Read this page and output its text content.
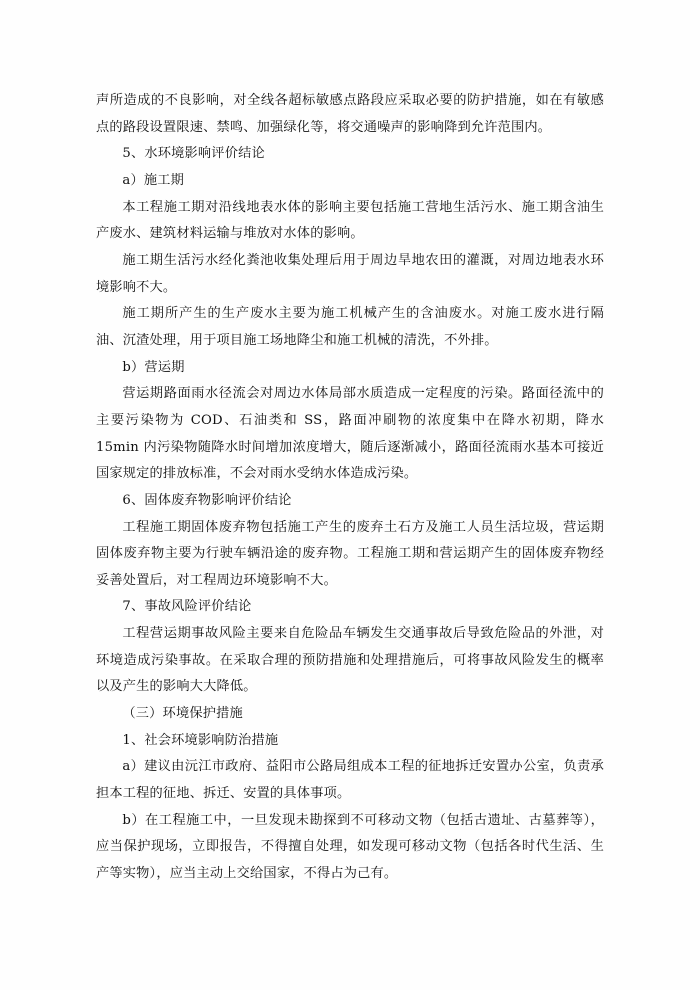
声所造成的不良影响，对全线各超标敏感点路段应采取必要的防护措施，如在有敏感点的路段设置限速、禁鸣、加强绿化等，将交通噪声的影响降到允许范围内。

5、水环境影响评价结论

a）施工期

本工程施工期对沿线地表水体的影响主要包括施工营地生活污水、施工期含油生产废水、建筑材料运输与堆放对水体的影响。

施工期生活污水经化粪池收集处理后用于周边旱地农田的灌溉，对周边地表水环境影响不大。

施工期所产生的生产废水主要为施工机械产生的含油废水。对施工废水进行隔油、沉渣处理，用于项目施工场地降尘和施工机械的清洗，不外排。

b）营运期

营运期路面雨水径流会对周边水体局部水质造成一定程度的污染。路面径流中的主要污染物为 COD、石油类和 SS，路面冲刷物的浓度集中在降水初期，降水 15min 内污染物随降水时间增加浓度增大，随后逐渐减小，路面径流雨水基本可接近国家规定的排放标准，不会对雨水受纳水体造成污染。

6、固体废弃物影响评价结论

工程施工期固体废弃物包括施工产生的废弃土石方及施工人员生活垃圾，营运期固体废弃物主要为行驶车辆沿途的废弃物。工程施工期和营运期产生的固体废弃物经妥善处置后，对工程周边环境影响不大。

7、事故风险评价结论

工程营运期事故风险主要来自危险品车辆发生交通事故后导致危险品的外泄，对环境造成污染事故。在采取合理的预防措施和处理措施后，可将事故风险发生的概率以及产生的影响大大降低。

（三）环境保护措施

1、社会环境影响防治措施

a）建议由沅江市政府、益阳市公路局组成本工程的征地拆迁安置办公室，负责承担本工程的征地、拆迁、安置的具体事项。

b）在工程施工中，一旦发现未勘探到不可移动文物（包括古遗址、古墓葬等），应当保护现场，立即报告，不得擅自处理，如发现可移动文物（包括各时代生活、生产等实物），应当主动上交给国家，不得占为己有。
